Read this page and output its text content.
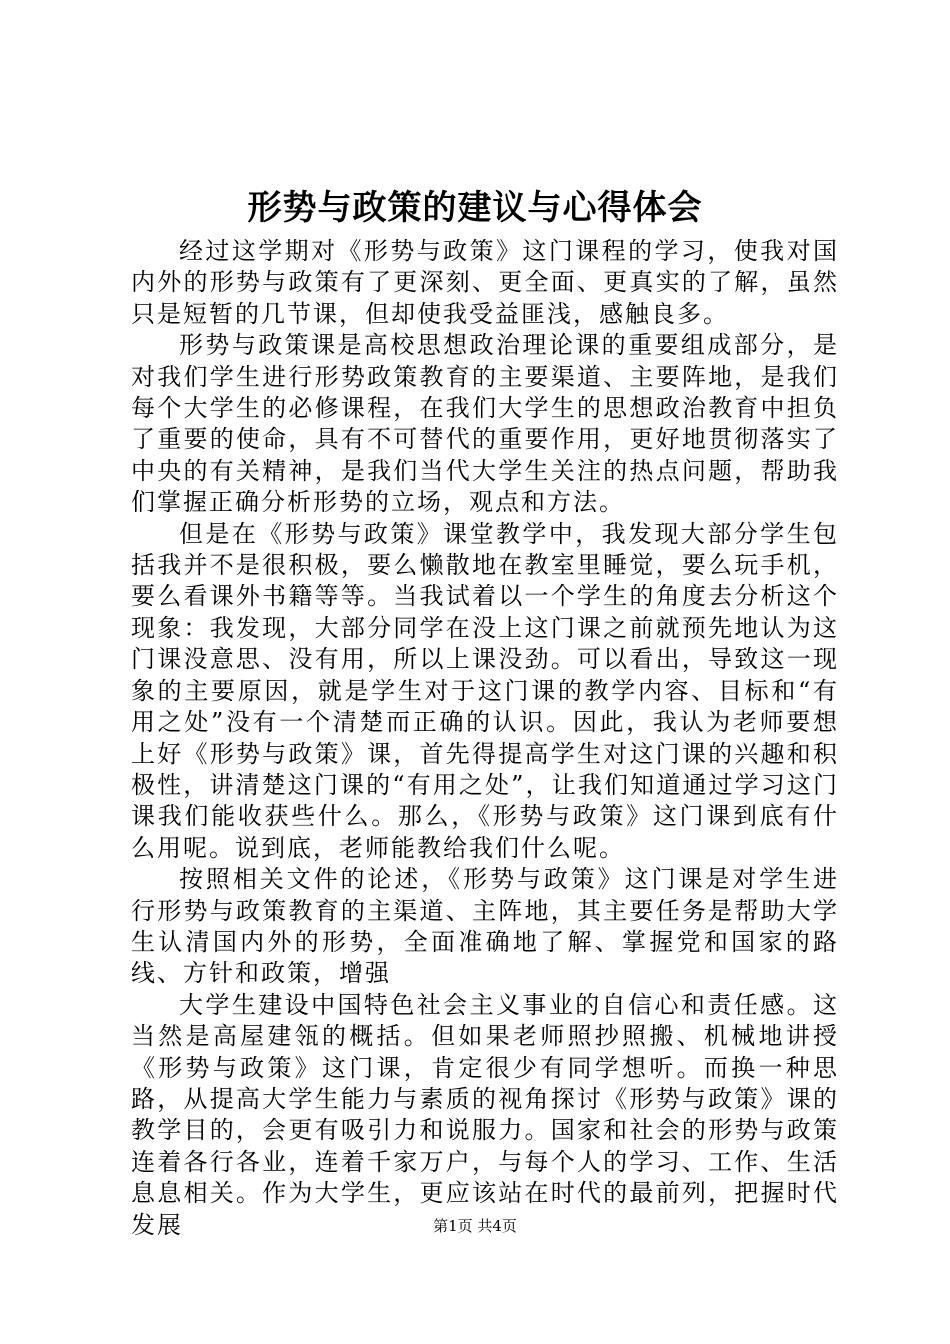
形势与政策的建议与心得体会

经过这学期对《形势与政策》这门课程的学习，使我对国内外的形势与政策有了更深刻、更全面、更真实的了解，虽然只是短暂的几节课，但却使我受益匪浅，感触良多。

形势与政策课是高校思想政治理论课的重要组成部分，是对我们学生进行形势政策教育的主要渠道、主要阵地，是我们每个大学生的必修课程，在我们大学生的思想政治教育中担负了重要的使命，具有不可替代的重要作用，更好地贯彻落实了中央的有关精神，是我们当代大学生关注的热点问题，帮助我们掌握正确分析形势的立场，观点和方法。

但是在《形势与政策》课堂教学中，我发现大部分学生包括我并不是很积极，要么懒散地在教室里睡觉，要么玩手机，要么看课外书籍等等。当我试着以一个学生的角度去分析这个现象：我发现，大部分同学在没上这门课之前就预先地认为这门课没意思、没有用，所以上课没劲。可以看出，导致这一现象的主要原因，就是学生对于这门课的教学内容、目标和“有用之处”没有一个清楚而正确的认识。因此，我认为老师要想上好《形势与政策》课，首先得提高学生对这门课的兴趣和积极性，讲清楚这门课的“有用之处”，让我们知道通过学习这门课我们能收获些什么。那么，《形势与政策》这门课到底有什么用呢。说到底，老师能教给我们什么呢。

按照相关文件的论述，《形势与政策》这门课是对学生进行形势与政策教育的主渠道、主阵地，其主要任务是帮助大学生认清国内外的形势，全面准确地了解、掌握党和国家的路线、方针和政策，增强

大学生建设中国特色社会主义事业的自信心和责任感。这当然是高屋建瓴的概括。但如果老师照抄照搬、机械地讲授《形势与政策》这门课，肯定很少有同学想听。而换一种思路，从提高大学生能力与素质的视角探讨《形势与政策》课的教学目的，会更有吸引力和说服力。国家和社会的形势与政策连着各行各业，连着千家万户，与每个人的学习、工作、生活息息相关。作为大学生，更应该站在时代的最前列，把握时代发展	第1页 共4页
